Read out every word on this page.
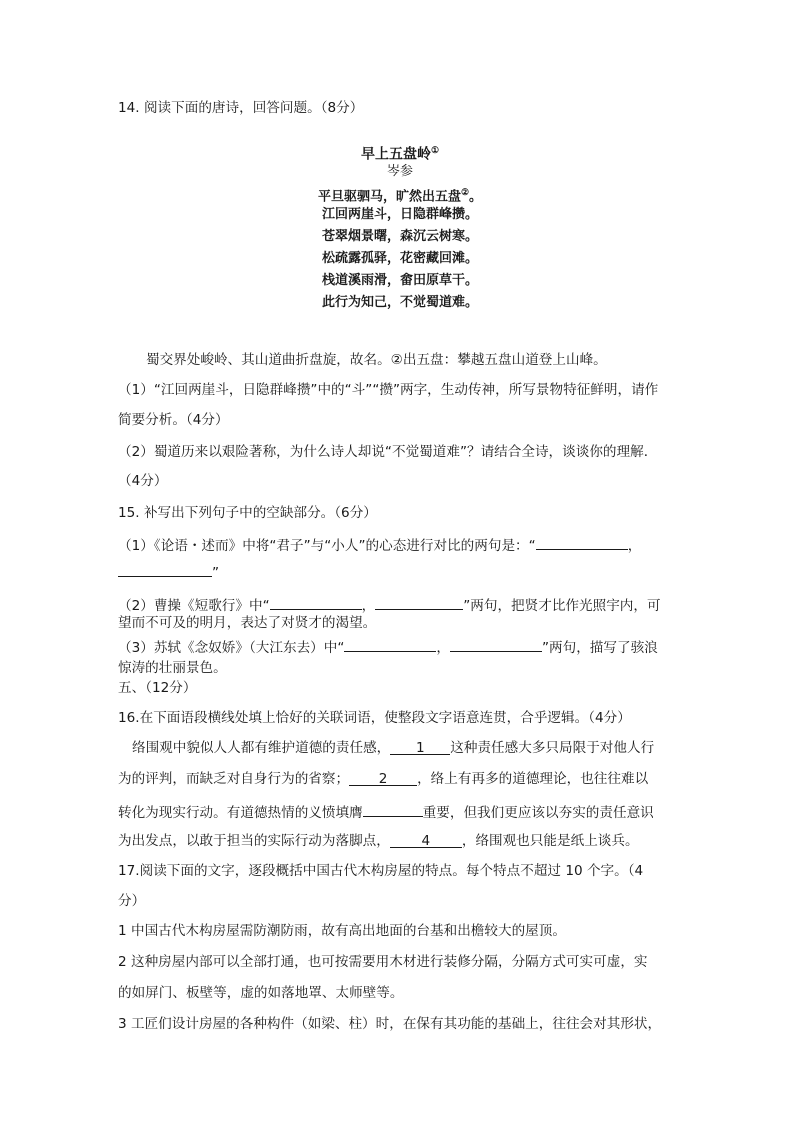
14. 阅读下面的唐诗，回答问题。（8分）
早上五盘岭①
岑参
平旦驱驷马，旷然出五盘②。
江回两崖斗，日隐群峰攒。
苍翠烟景曙，森沉云树寒。
松疏露孤驿，花密藏回滩。
栈道溪雨滑，畲田原草干。
此行为知己，不觉蜀道难。
蜀交界处峻岭、其山道曲折盘旋，故名。②出五盘：攀越五盘山道登上山峰。
（1）“江回两崖斗，日隐群峰攒”中的“斗”“攒”两字，生动传神，所写景物特征鲜明，请作
简要分析。（4分）
（2）蜀道历来以艰险著称，为什么诗人却说“不觉蜀道难”？请结合全诗，谈谈你的理解．
（4分）
15. 补写出下列句子中的空缺部分。（6分）
（1）《论语・述而》中将“君子”与“小人”的心态进行对比的两句是：“	，
”
（2）曹操《短歌行》中“	，	”两句，把贤才比作光照宇内，可
望而不可及的明月，表达了对贤才的渴望。
（3）苏轼《念奴娇》（大江东去）中“	，	”两句，描写了骇浪
惊涛的壮丽景色。
五、（12分）
16.在下面语段横线处填上恰好的关联词语，使整段文字语意连贯，合乎逻辑。（4分）
络围观中貌似人人都有维护道德的责任感， 1 这种责任感大多只局限于对他人行
为的评判，而缺乏对自身行为的省察； 2 ，络上有再多的道德理论，也往往难以
转化为现实行动。有道德热情的义愤填膺	重要，但我们更应该以夯实的责任意识
为出发点，以敢于担当的实际行动为落脚点， 4 ，络围观也只能是纸上谈兵。
17.阅读下面的文字，逐段概括中国古代木构房屋的特点。每个特点不超过 10 个字。（4
分）
1 中国古代木构房屋需防潮防雨，故有高出地面的台基和出檐较大的屋顶。
2 这种房屋内部可以全部打通，也可按需要用木材进行装修分隔，分隔方式可实可虚，实
的如屏门、板壁等，虚的如落地罩、太师壁等。
3 工匠们设计房屋的各种构件（如梁、柱）时，在保有其功能的基础上，往往会对其形状，
